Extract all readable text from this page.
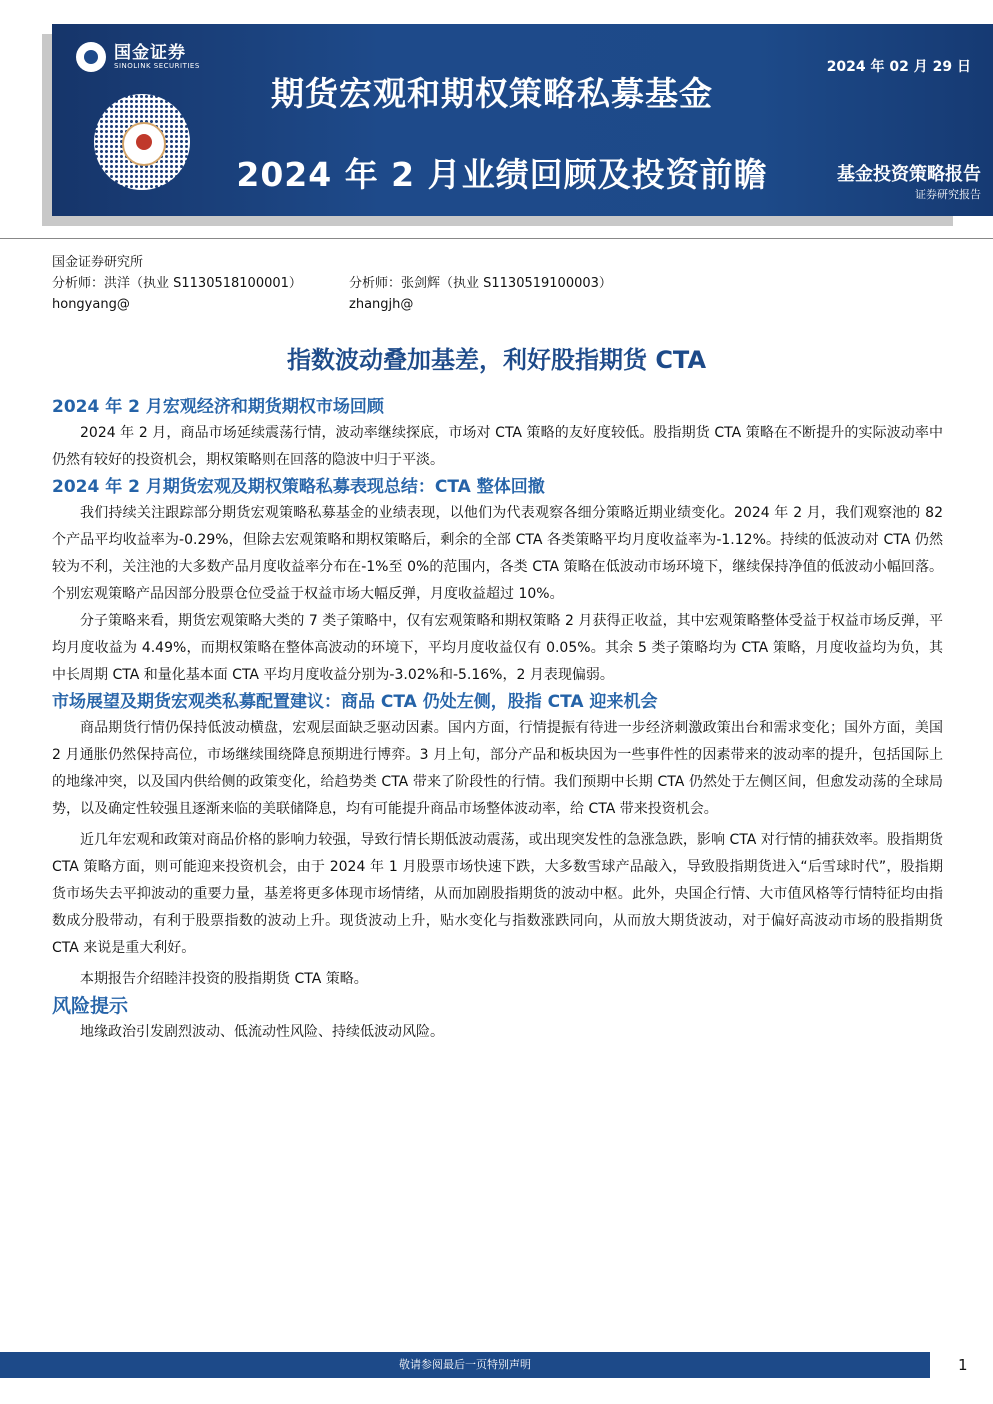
国金证券
SINOLINK SECURITIES
期货宏观和期权策略私募基金
2024 年 2 月业绩回顾及投资前瞻
2024 年 02 月 29 日
基金投资策略报告
证券研究报告
国金证券研究所
分析师：洪洋（执业 S1130518100001）
hongyang@
分析师：张剑辉（执业 S1130519100003）
zhangjh@
指数波动叠加基差，利好股指期货 CTA
2024 年 2 月宏观经济和期货期权市场回顾

2024 年 2 月，商品市场延续震荡行情，波动率继续探底，市场对 CTA 策略的友好度较低。股指期货 CTA 策略在不断提升的实际波动率中仍然有较好的投资机会，期权策略则在回落的隐波中归于平淡。

2024 年 2 月期货宏观及期权策略私募表现总结：CTA 整体回撤

我们持续关注跟踪部分期货宏观策略私募基金的业绩表现，以他们为代表观察各细分策略近期业绩变化。2024 年 2 月，我们观察池的 82 个产品平均收益率为-0.29%，但除去宏观策略和期权策略后，剩余的全部 CTA 各类策略平均月度收益率为-1.12%。持续的低波动对 CTA 仍然较为不利，关注池的大多数产品月度收益率分布在-1%至 0%的范围内，各类 CTA 策略在低波动市场环境下，继续保持净值的低波动小幅回落。个别宏观策略产品因部分股票仓位受益于权益市场大幅反弹，月度收益超过 10%。

分子策略来看，期货宏观策略大类的 7 类子策略中，仅有宏观策略和期权策略 2 月获得正收益，其中宏观策略整体受益于权益市场反弹，平均月度收益为 4.49%，而期权策略在整体高波动的环境下，平均月度收益仅有 0.05%。其余 5 类子策略均为 CTA 策略，月度收益均为负，其中长周期 CTA 和量化基本面 CTA 平均月度收益分别为-3.02%和-5.16%，2 月表现偏弱。

市场展望及期货宏观类私募配置建议：商品 CTA 仍处左侧，股指 CTA 迎来机会

商品期货行情仍保持低波动横盘，宏观层面缺乏驱动因素。国内方面，行情提振有待进一步经济刺激政策出台和需求变化；国外方面，美国 2 月通胀仍然保持高位，市场继续围绕降息预期进行博弈。3 月上旬，部分产品和板块因为一些事件性的因素带来的波动率的提升，包括国际上的地缘冲突，以及国内供给侧的政策变化，给趋势类 CTA 带来了阶段性的行情。我们预期中长期 CTA 仍然处于左侧区间，但愈发动荡的全球局势，以及确定性较强且逐渐来临的美联储降息，均有可能提升商品市场整体波动率，给 CTA 带来投资机会。

近几年宏观和政策对商品价格的影响力较强，导致行情长期低波动震荡，或出现突发性的急涨急跌，影响 CTA 对行情的捕获效率。股指期货 CTA 策略方面，则可能迎来投资机会，由于 2024 年 1 月股票市场快速下跌，大多数雪球产品敲入，导致股指期货进入“后雪球时代”，股指期货市场失去平抑波动的重要力量，基差将更多体现市场情绪，从而加剧股指期货的波动中枢。此外，央国企行情、大市值风格等行情特征均由指数成分股带动，有利于股票指数的波动上升。现货波动上升，贴水变化与指数涨跌同向，从而放大期货波动，对于偏好高波动市场的股指期货 CTA 来说是重大利好。

本期报告介绍睦沣投资的股指期货 CTA 策略。

风险提示

地缘政治引发剧烈波动、低流动性风险、持续低波动风险。

敬请参阅最后一页特别声明	1
